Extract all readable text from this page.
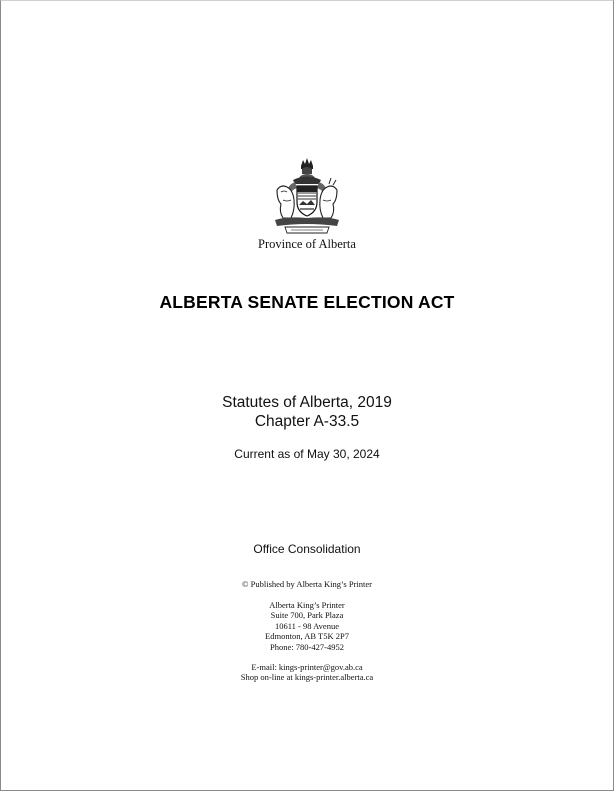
Province of Alberta
ALBERTA SENATE ELECTION ACT
Statutes of Alberta, 2019
Chapter A-33.5
Current as of May 30, 2024
Office Consolidation
© Published by Alberta King’s Printer
Alberta King’s Printer
Suite 700, Park Plaza
10611 - 98 Avenue
Edmonton, AB T5K 2P7
Phone: 780-427-4952
E-mail: kings-printer@gov.ab.ca
Shop on-line at kings-printer.alberta.ca
